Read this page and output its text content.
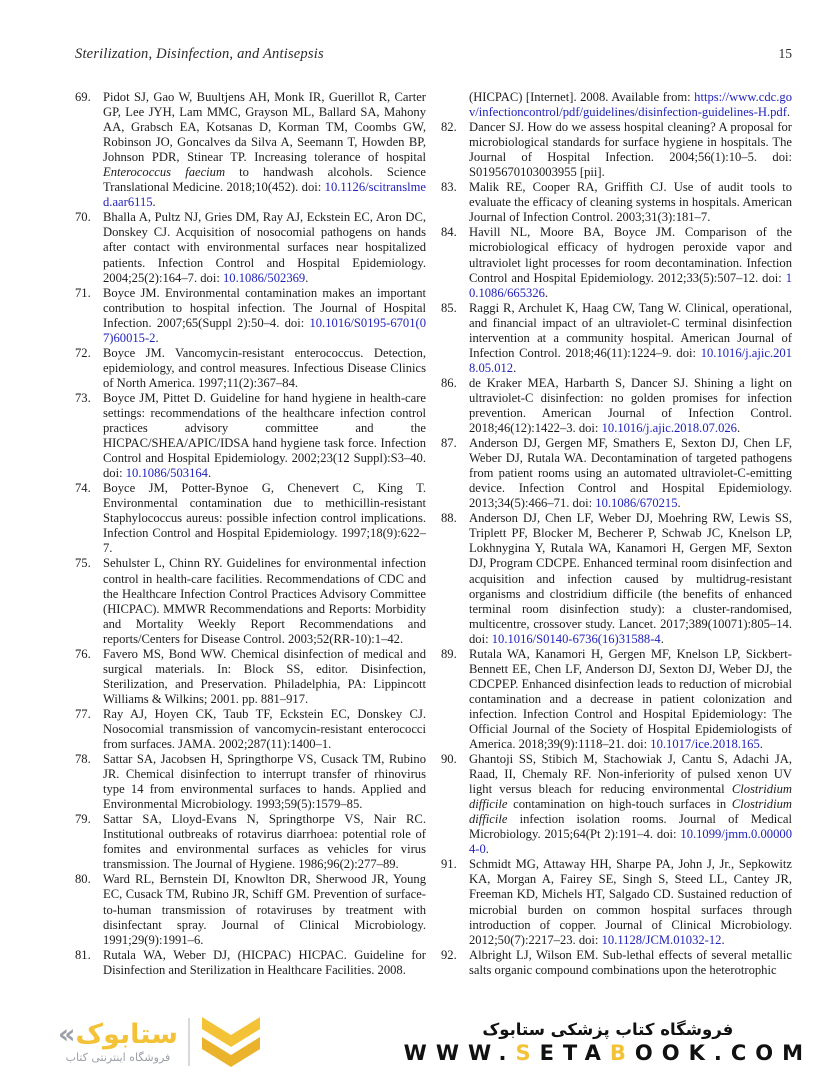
Sterilization, Disinfection, and Antisepsis	15
69. Pidot SJ, Gao W, Buultjens AH, Monk IR, Guerillot R, Carter GP, Lee JYH, Lam MMC, Grayson ML, Ballard SA, Mahony AA, Grabsch EA, Kotsanas D, Korman TM, Coombs GW, Robinson JO, Goncalves da Silva A, Seemann T, Howden BP, Johnson PDR, Stinear TP. Increasing tolerance of hospital Enterococcus faecium to handwash alcohols. Science Translational Medicine. 2018;10(452). doi: 10.1126/scitranslmed.aar6115.
70. Bhalla A, Pultz NJ, Gries DM, Ray AJ, Eckstein EC, Aron DC, Donskey CJ. Acquisition of nosocomial pathogens on hands after contact with environmental surfaces near hospitalized patients. Infection Control and Hospital Epidemiology. 2004;25(2):164–7. doi: 10.1086/502369.
71. Boyce JM. Environmental contamination makes an important contribution to hospital infection. The Journal of Hospital Infection. 2007;65(Suppl 2):50–4. doi: 10.1016/S0195-6701(07)60015-2.
72. Boyce JM. Vancomycin-resistant enterococcus. Detection, epidemiology, and control measures. Infectious Disease Clinics of North America. 1997;11(2):367–84.
73. Boyce JM, Pittet D. Guideline for hand hygiene in health-care settings: recommendations of the healthcare infection control practices advisory committee and the HICPAC/SHEA/APIC/IDSA hand hygiene task force. Infection Control and Hospital Epidemiology. 2002;23(12 Suppl):S3–40. doi: 10.1086/503164.
74. Boyce JM, Potter-Bynoe G, Chenevert C, King T. Environmental contamination due to methicillin-resistant Staphylococcus aureus: possible infection control implications. Infection Control and Hospital Epidemiology. 1997;18(9):622–7.
75. Sehulster L, Chinn RY. Guidelines for environmental infection control in health-care facilities. Recommendations of CDC and the Healthcare Infection Control Practices Advisory Committee (HICPAC). MMWR Recommendations and Reports: Morbidity and Mortality Weekly Report Recommendations and reports/Centers for Disease Control. 2003;52(RR-10):1–42.
76. Favero MS, Bond WW. Chemical disinfection of medical and surgical materials. In: Block SS, editor. Disinfection, Sterilization, and Preservation. Philadelphia, PA: Lippincott Williams & Wilkins; 2001. pp. 881–917.
77. Ray AJ, Hoyen CK, Taub TF, Eckstein EC, Donskey CJ. Nosocomial transmission of vancomycin-resistant enterococci from surfaces. JAMA. 2002;287(11):1400–1.
78. Sattar SA, Jacobsen H, Springthorpe VS, Cusack TM, Rubino JR. Chemical disinfection to interrupt transfer of rhinovirus type 14 from environmental surfaces to hands. Applied and Environmental Microbiology. 1993;59(5):1579–85.
79. Sattar SA, Lloyd-Evans N, Springthorpe VS, Nair RC. Institutional outbreaks of rotavirus diarrhoea: potential role of fomites and environmental surfaces as vehicles for virus transmission. The Journal of Hygiene. 1986;96(2):277–89.
80. Ward RL, Bernstein DI, Knowlton DR, Sherwood JR, Young EC, Cusack TM, Rubino JR, Schiff GM. Prevention of surface-to-human transmission of rotaviruses by treatment with disinfectant spray. Journal of Clinical Microbiology. 1991;29(9):1991–6.
81. Rutala WA, Weber DJ, (HICPAC) HICPAC. Guideline for Disinfection and Sterilization in Healthcare Facilities. 2008.
(HICPAC) [Internet]. 2008. Available from: https://www.cdc.gov/infectioncontrol/pdf/guidelines/disinfection-guidelines-H.pdf.
82. Dancer SJ. How do we assess hospital cleaning? A proposal for microbiological standards for surface hygiene in hospitals. The Journal of Hospital Infection. 2004;56(1):10–5. doi: S0195670103003955 [pii].
83. Malik RE, Cooper RA, Griffith CJ. Use of audit tools to evaluate the efficacy of cleaning systems in hospitals. American Journal of Infection Control. 2003;31(3):181–7.
84. Havill NL, Moore BA, Boyce JM. Comparison of the microbiological efficacy of hydrogen peroxide vapor and ultraviolet light processes for room decontamination. Infection Control and Hospital Epidemiology. 2012;33(5):507–12. doi: 10.1086/665326.
85. Raggi R, Archulet K, Haag CW, Tang W. Clinical, operational, and financial impact of an ultraviolet-C terminal disinfection intervention at a community hospital. American Journal of Infection Control. 2018;46(11):1224–9. doi: 10.1016/j.ajic.2018.05.012.
86. de Kraker MEA, Harbarth S, Dancer SJ. Shining a light on ultraviolet-C disinfection: no golden promises for infection prevention. American Journal of Infection Control. 2018;46(12):1422–3. doi: 10.1016/j.ajic.2018.07.026.
87. Anderson DJ, Gergen MF, Smathers E, Sexton DJ, Chen LF, Weber DJ, Rutala WA. Decontamination of targeted pathogens from patient rooms using an automated ultraviolet-C-emitting device. Infection Control and Hospital Epidemiology. 2013;34(5):466–71. doi: 10.1086/670215.
88. Anderson DJ, Chen LF, Weber DJ, Moehring RW, Lewis SS, Triplett PF, Blocker M, Becherer P, Schwab JC, Knelson LP, Lokhnygina Y, Rutala WA, Kanamori H, Gergen MF, Sexton DJ, Program CDCPE. Enhanced terminal room disinfection and acquisition and infection caused by multidrug-resistant organisms and clostridium difficile (the benefits of enhanced terminal room disinfection study): a cluster-randomised, multicentre, crossover study. Lancet. 2017;389(10071):805–14. doi: 10.1016/S0140-6736(16)31588-4.
89. Rutala WA, Kanamori H, Gergen MF, Knelson LP, Sickbert-Bennett EE, Chen LF, Anderson DJ, Sexton DJ, Weber DJ, the CDCPEP. Enhanced disinfection leads to reduction of microbial contamination and a decrease in patient colonization and infection. Infection Control and Hospital Epidemiology: The Official Journal of the Society of Hospital Epidemiologists of America. 2018;39(9):1118–21. doi: 10.1017/ice.2018.165.
90. Ghantoji SS, Stibich M, Stachowiak J, Cantu S, Adachi JA, Raad, II, Chemaly RF. Non-inferiority of pulsed xenon UV light versus bleach for reducing environmental Clostridium difficile contamination on high-touch surfaces in Clostridium difficile infection isolation rooms. Journal of Medical Microbiology. 2015;64(Pt 2):191–4. doi: 10.1099/jmm.0.000004-0.
91. Schmidt MG, Attaway HH, Sharpe PA, John J, Jr., Sepkowitz KA, Morgan A, Fairey SE, Singh S, Steed LL, Cantey JR, Freeman KD, Michels HT, Salgado CD. Sustained reduction of microbial burden on common hospital surfaces through introduction of copper. Journal of Clinical Microbiology. 2012;50(7):2217–23. doi: 10.1128/JCM.01032-12.
92. Albright LJ, Wilson EM. Sub-lethal effects of several metallic salts organic compound combinations upon the heterotrophic
«ستابوک
فروشگاه اینترنتی کتاب
فروشگاه کتاب پزشکی ستابوک
WWW.SETABOOK.COM
